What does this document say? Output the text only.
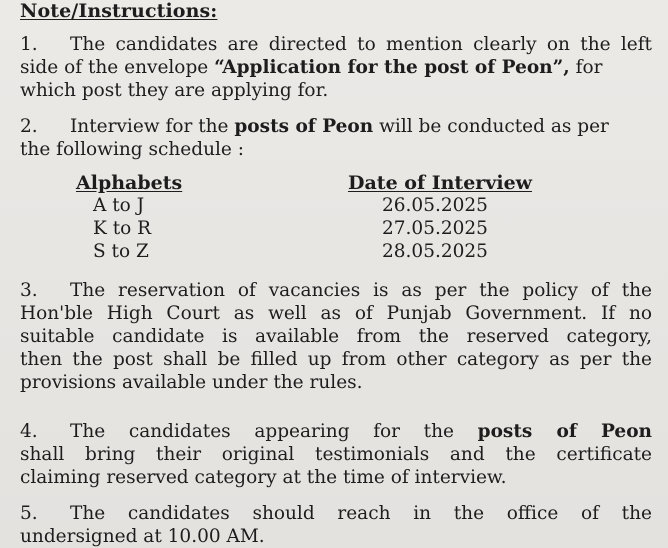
Note/Instructions:
1. The candidates are directed to mention clearly on the left
side of the envelope “Application for the post of Peon”, for
which post they are applying for.
2. Interview for the posts of Peon will be conducted as per
the following schedule :
Alphabets	Date of Interview
A to J	26.05.2025
K to R	27.05.2025
S to Z	28.05.2025
3. The reservation of vacancies is as per the policy of the
Hon'ble High Court as well as of Punjab Government. If no
suitable candidate is available from the reserved category,
then the post shall be filled up from other category as per the
provisions available under the rules.
4. The candidates appearing for the posts of Peon
shall bring their original testimonials and the certificate
claiming reserved category at the time of interview.
5. The candidates should reach in the office of the
undersigned at 10.00 AM.
